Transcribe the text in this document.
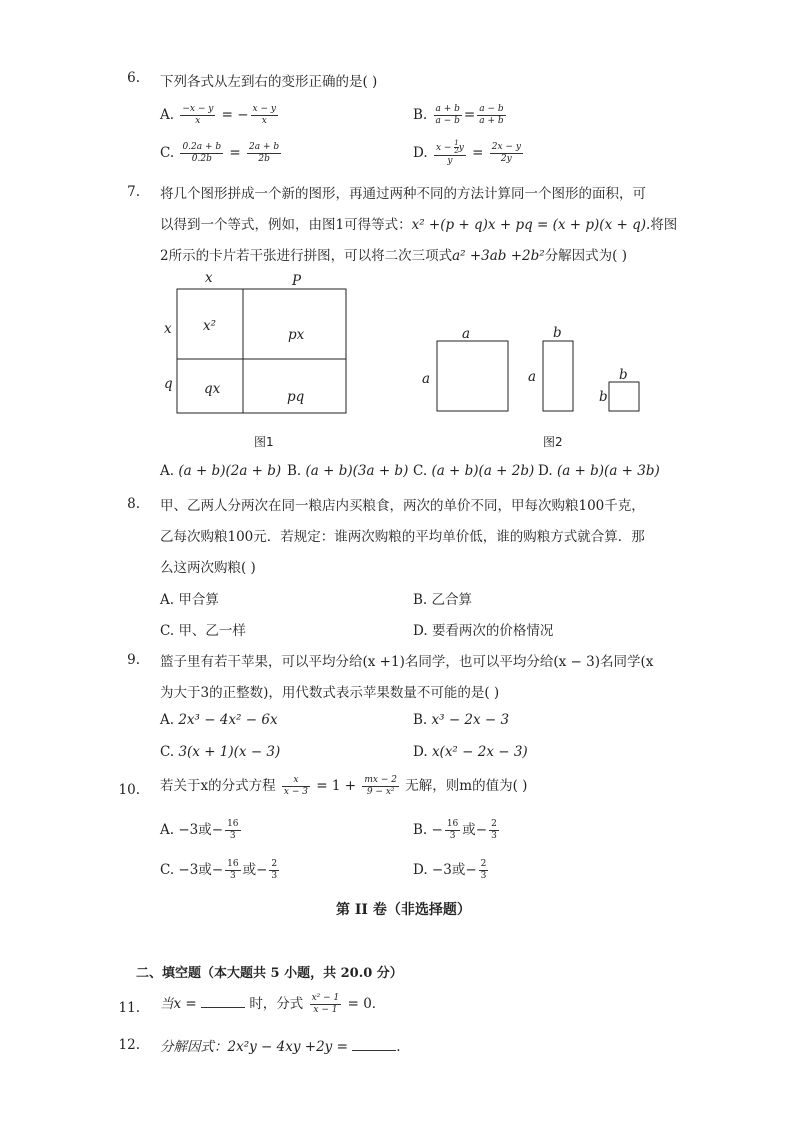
6. 下列各式从左到右的变形正确的是( )
A. $\frac{-x - y}{x}$ = − $\frac{x - y}{x}$	B. $\frac{a + b}{a - b} = \frac{a - b}{a + b}$
C. $\frac{0.2a + b}{0.2b} = \frac{2a + b}{2b}$	D. $\frac{x - \frac{1}{2} y}{y} = \frac{2x - y}{2y}$
7. 将几个图形拼成一个新的图形，再通过两种不同的方法计算同一个图形的面积，可
以得到一个等式，例如，由图1可得等式：x² +(p + q)x + pq = (x + p)(x + q).将图
2所示的卡片若干张进行拼图，可以将二次三项式a² +3ab +2b²分解因式为( )
x	P
x
q
x²
px
qx	pq
图1
a
a
b
a	b
b
图2
A. (a + b)(2a + b) B. (a + b)(3a + b) C. (a + b)(a + 2b) D. (a + b)(a + 3b)
8. 甲、乙两人分两次在同一粮店内买粮食，两次的单价不同，甲每次购粮100千克，
乙每次购粮100元．若规定：谁两次购粮的平均单价低，谁的购粮方式就合算．那
么这两次购粮( )
A. 甲合算	B. 乙合算
C. 甲、乙一样	D. 要看两次的价格情况
9. 篮子里有若干苹果，可以平均分给(x +1)名同学，也可以平均分给(x − 3)名同学(x
为大于3的正整数)，用代数式表示苹果数量不可能的是( )
A. 2x³ − 4x² − 6x	B. x³ − 2x − 3
C. 3(x + 1)(x − 3)	D. x(x² − 2x − 3)
10. 若关于x的分式方程 $\frac{x}{x - 3} = 1 + \frac{mx - 2}{\text{9 − x²}}$ 无解，则m的值为( )
A. −3或− $\frac{16}{3}$	B. − $\frac{16}{3}$ 或− $\frac{2}{3}$
C. −3或− $\frac{16}{3}$ 或− $\frac{2}{3}$	D. −3或− $\frac{2}{3}$
第 II 卷（非选择题）
二、填空题（本大题共 5 小题，共 20.0 分）
11. 当x =	时，分式 $\frac{\text{x² − 1}}{x - 1} = 0$．
12. 分解因式：2x²y − 4xy +2y =	.
